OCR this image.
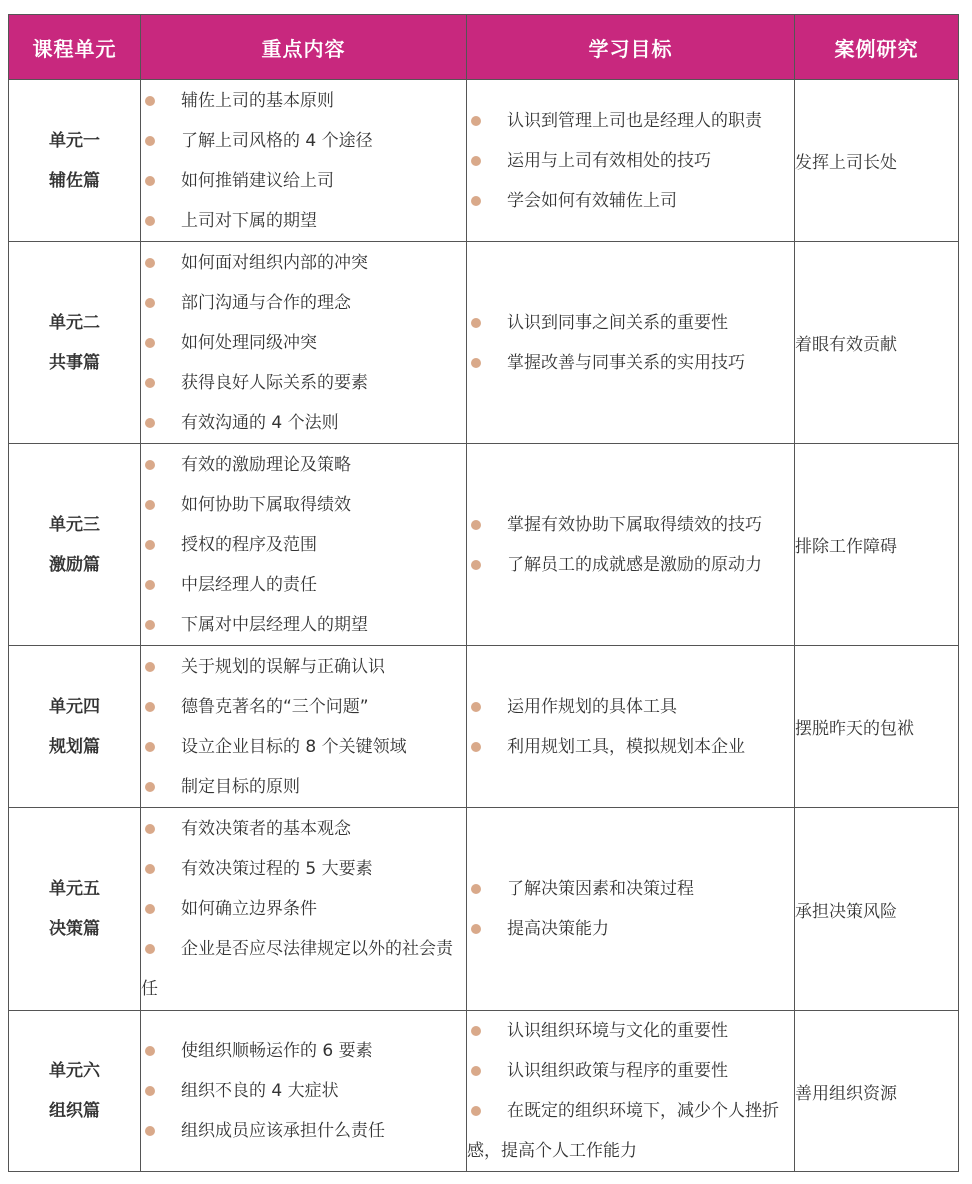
课程单元	重点内容	学习目标	案例研究

单元一
辅佐篇

辅佐上司的基本原则
了解上司风格的 4 个途径
如何推销建议给上司
上司对下属的期望

认识到管理上司也是经理人的职责
运用与上司有效相处的技巧
学会如何有效辅佐上司
	发挥上司长处

单元二
共事篇

如何面对组织内部的冲突
部门沟通与合作的理念
如何处理同级冲突
获得良好人际关系的要素
有效沟通的 4 个法则

认识到同事之间关系的重要性
掌握改善与同事关系的实用技巧
	着眼有效贡献

单元三
激励篇

有效的激励理论及策略
如何协助下属取得绩效
授权的程序及范围
中层经理人的责任
下属对中层经理人的期望

掌握有效协助下属取得绩效的技巧
了解员工的成就感是激励的原动力
	排除工作障碍

单元四
规划篇

关于规划的误解与正确认识
德鲁克著名的“三个问题”
设立企业目标的 8 个关键领域
制定目标的原则

运用作规划的具体工具
利用规划工具，模拟规划本企业
	摆脱昨天的包袱

单元五
决策篇

有效决策者的基本观念
有效决策过程的 5 大要素
如何确立边界条件
企业是否应尽法律规定以外的社会责任

了解决策因素和决策过程
提高决策能力
	承担决策风险

单元六
组织篇

使组织顺畅运作的 6 要素
组织不良的 4 大症状
组织成员应该承担什么责任

认识组织环境与文化的重要性
认识组织政策与程序的重要性
在既定的组织环境下，减少个人挫折感，提高个人工作能力
	善用组织资源
